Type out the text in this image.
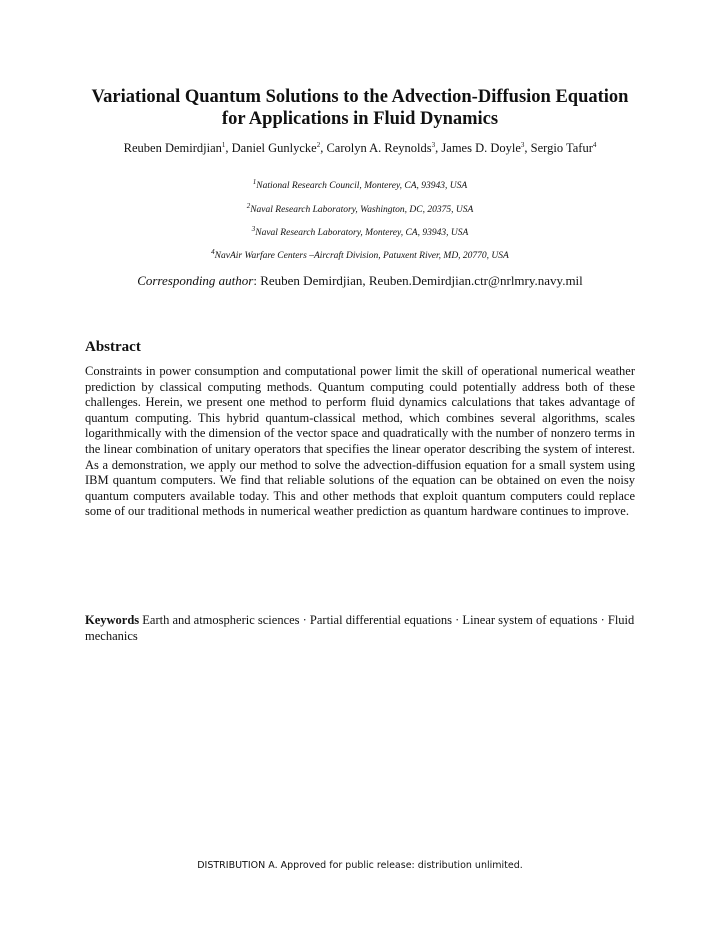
Variational Quantum Solutions to the Advection-Diffusion Equation
for Applications in Fluid Dynamics
Reuben Demirdjian$^1$, Daniel Gunlycke$^2$, Carolyn A. Reynolds$^3$, James D. Doyle$^3$, Sergio Tafur$^4$
$^1$National Research Council, Monterey, CA, 93943, USA
$^2$Naval Research Laboratory, Washington, DC, 20375, USA
$^3$Naval Research Laboratory, Monterey, CA, 93943, USA
$^4$NavAir Warfare Centers –Aircraft Division, Patuxent River, MD, 20770, USA
Corresponding author: Reuben Demirdjian, Reuben.Demirdjian.ctr@nrlmry.navy.mil
Abstract
Constraints in power consumption and computational power limit the skill of operational numerical weather prediction by classical computing methods. Quantum computing could potentially address both of these challenges. Herein, we present one method to perform fluid dynamics calculations that takes advantage of quantum computing. This hybrid quantum-classical method, which combines several algorithms, scales logarithmically with the dimension of the vector space and quadratically with the number of nonzero terms in the linear combination of unitary operators that specifies the linear operator describing the system of interest. As a demonstration, we apply our method to solve the advection-diffusion equation for a small system using IBM quantum computers. We find that reliable solutions of the equation can be obtained on even the noisy quantum computers available today. This and other methods that exploit quantum computers could replace some of our traditional methods in numerical weather prediction as quantum hardware continues to improve.
Keywords Earth and atmospheric sciences · Partial differential equations · Linear system of equations · Fluid mechanics
DISTRIBUTION A. Approved for public release: distribution unlimited.
